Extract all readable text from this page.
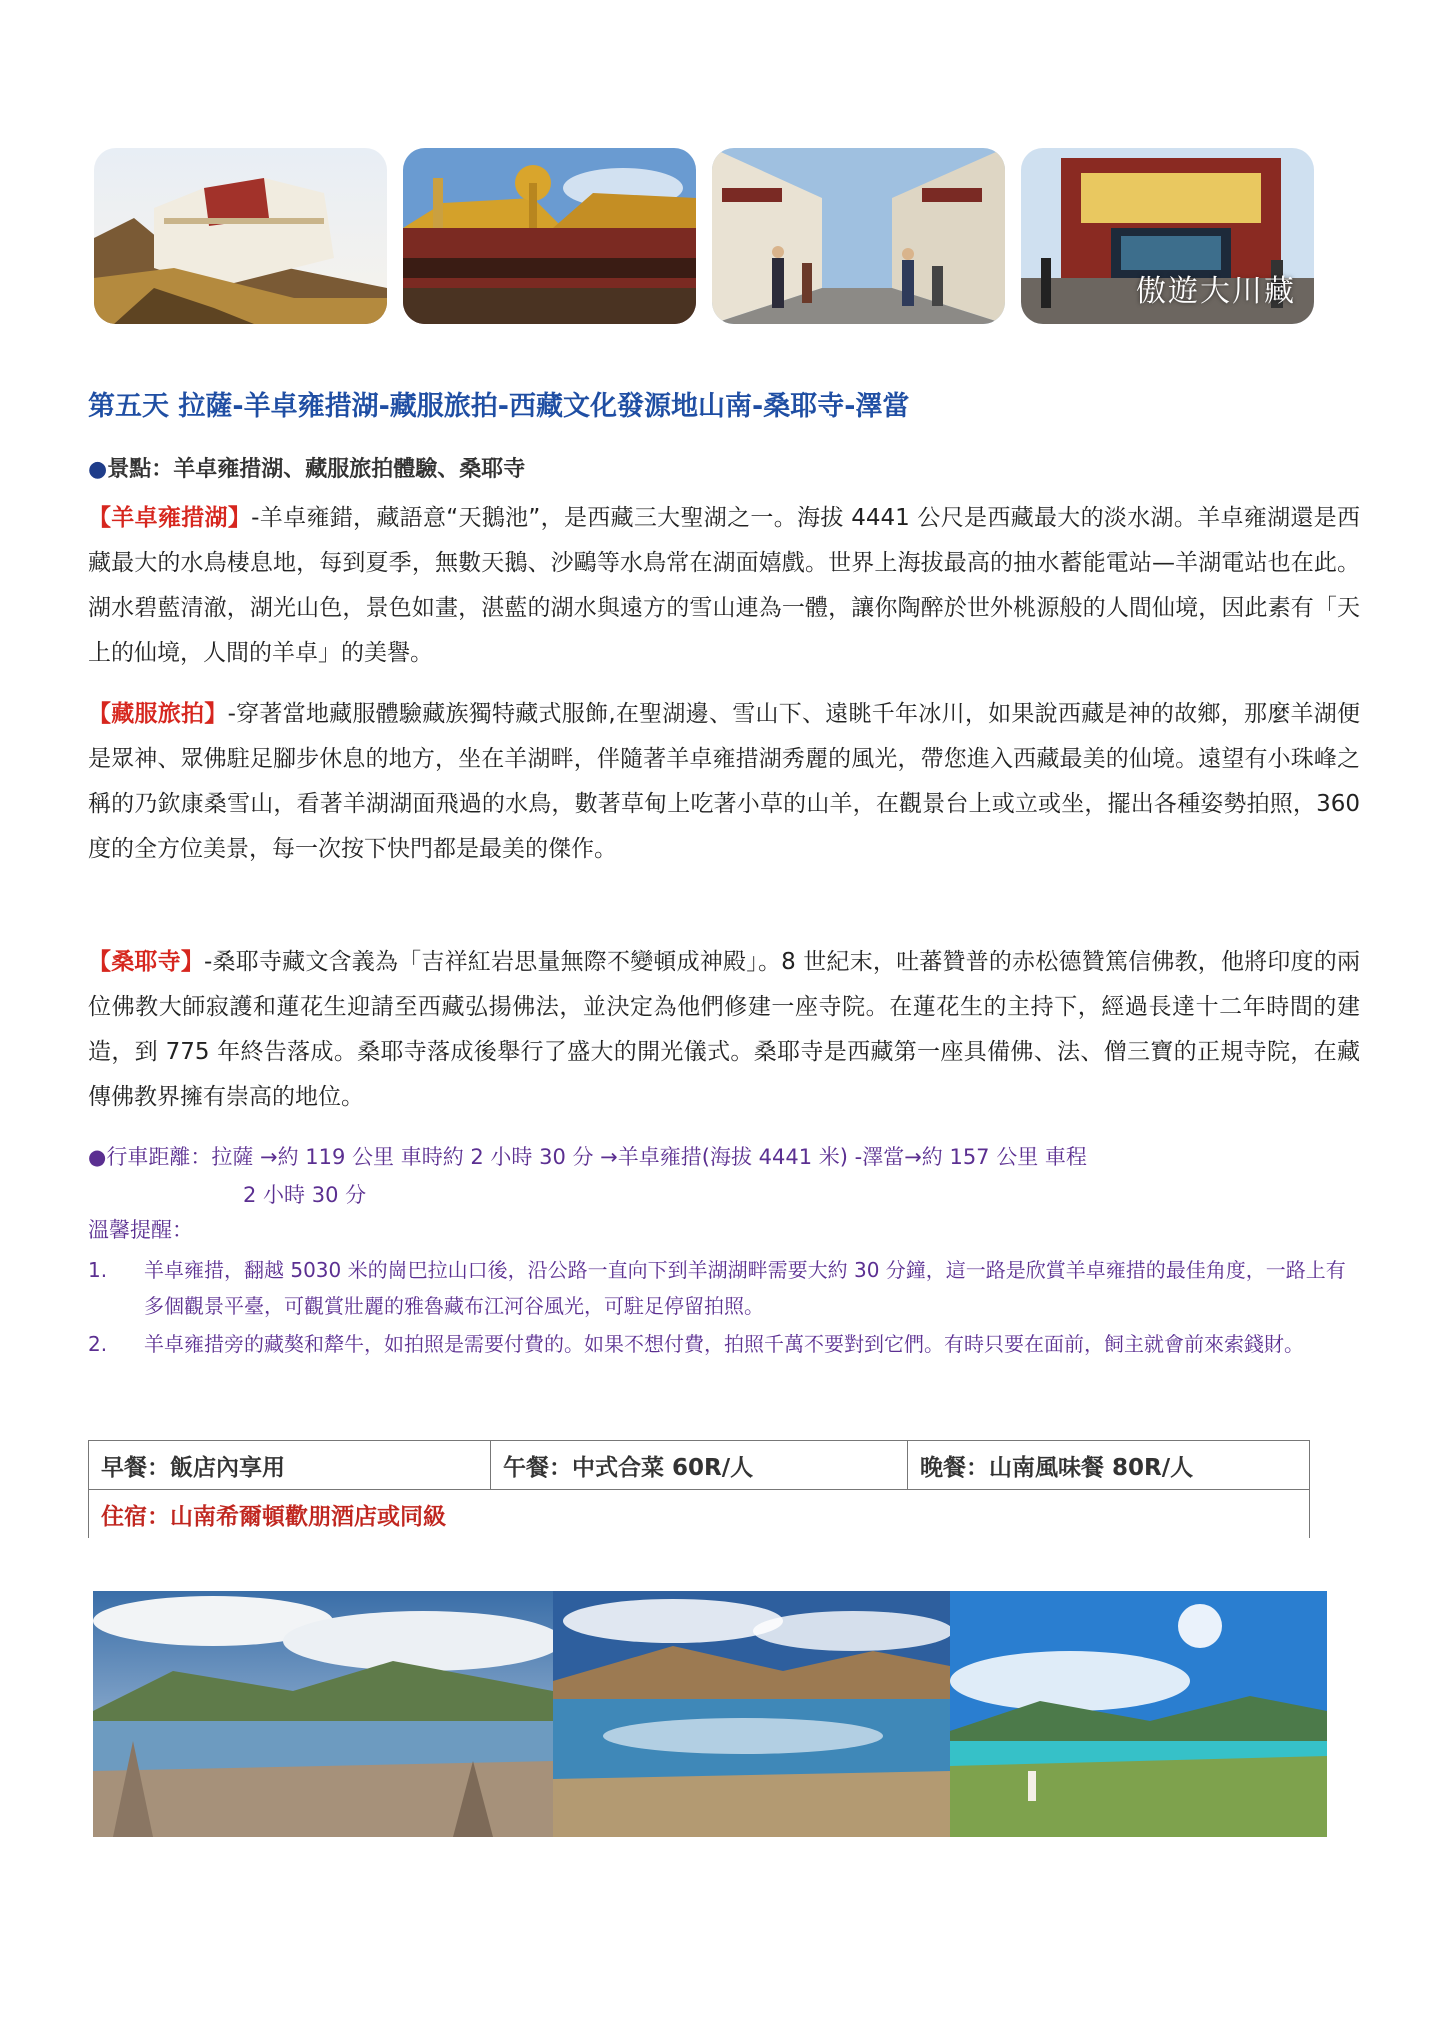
傲遊大川藏
第五天 拉薩-羊卓雍措湖-藏服旅拍-西藏文化發源地山南-桑耶寺-澤當
●景點：羊卓雍措湖、藏服旅拍體驗、桑耶寺
【羊卓雍措湖】-羊卓雍錯，藏語意“天鵝池”，是西藏三大聖湖之一。海拔 4441 公尺是西藏最大的淡水湖。羊卓雍湖還是西藏最大的水鳥棲息地，每到夏季，無數天鵝、沙鷗等水鳥常在湖面嬉戲。世界上海拔最高的抽水蓄能電站—羊湖電站也在此。湖水碧藍清澈，湖光山色，景色如畫，湛藍的湖水與遠方的雪山連為一體，讓你陶醉於世外桃源般的人間仙境，因此素有「天上的仙境，人間的羊卓」的美譽。
【藏服旅拍】-穿著當地藏服體驗藏族獨特藏式服飾,在聖湖邊、雪山下、遠眺千年冰川，如果說西藏是神的故鄉，那麼羊湖便是眾神、眾佛駐足腳步休息的地方，坐在羊湖畔，伴隨著羊卓雍措湖秀麗的風光，帶您進入西藏最美的仙境。遠望有小珠峰之稱的乃欽康桑雪山，看著羊湖湖面飛過的水鳥，數著草甸上吃著小草的山羊，在觀景台上或立或坐，擺出各種姿勢拍照，360 度的全方位美景，每一次按下快門都是最美的傑作。
【桑耶寺】-桑耶寺藏文含義為「吉祥紅岩思量無際不變頓成神殿」。8 世紀末，吐蕃贊普的赤松德贊篤信佛教，他將印度的兩位佛教大師寂護和蓮花生迎請至西藏弘揚佛法，並決定為他們修建一座寺院。在蓮花生的主持下，經過長達十二年時間的建造，到 775 年終告落成。桑耶寺落成後舉行了盛大的開光儀式。桑耶寺是西藏第一座具備佛、法、僧三寶的正規寺院，在藏傳佛教界擁有崇高的地位。
●行車距離：拉薩 →約 119 公里 車時約 2 小時 30 分 →羊卓雍措(海拔 4441 米) -澤當→約 157 公里 車程
2 小時 30 分
溫馨提醒：
1.	羊卓雍措，翻越 5030 米的崗巴拉山口後，沿公路一直向下到羊湖湖畔需要大約 30 分鐘，這一路是欣賞羊卓雍措的最佳角度，一路上有多個觀景平臺，可觀賞壯麗的雅魯藏布江河谷風光，可駐足停留拍照。
2.	羊卓雍措旁的藏獒和犛牛，如拍照是需要付費的。如果不想付費，拍照千萬不要對到它們。有時只要在面前，飼主就會前來索錢財。
早餐：飯店內享用	午餐：中式合菜 60R/人	晚餐：山南風味餐 80R/人
住宿：山南希爾頓歡朋酒店或同級
